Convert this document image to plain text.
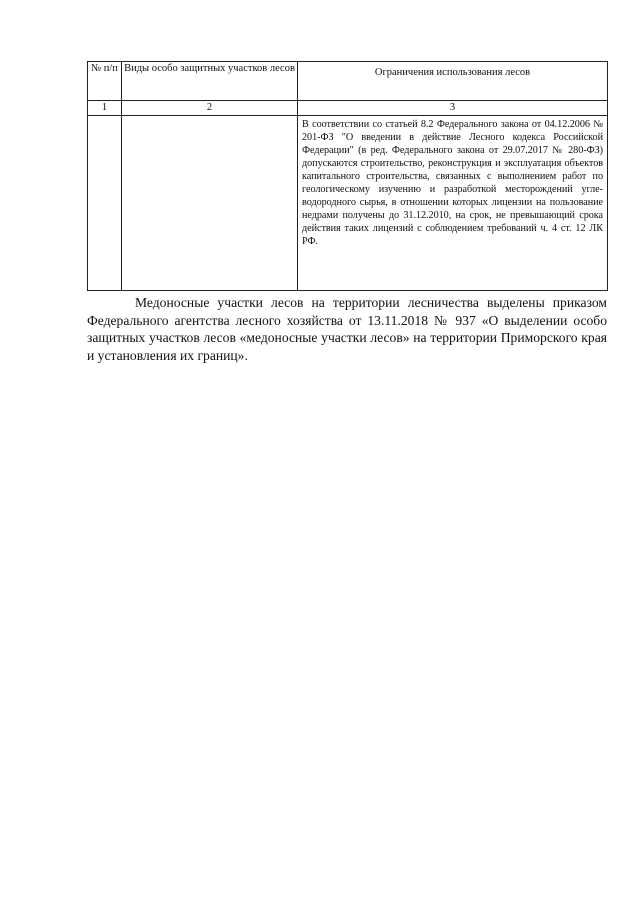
№ п/п	Виды особо защитных участков лесов	Ограничения использования лесов
1	2	3
		В соответствии со статьей 8.2 Федерального закона от 04.12.2006 № 201-ФЗ "О введении в действие Лесного кодекса Российской Федерации" (в ред. Федерального закона от 29.07.2017 № 280-ФЗ) допускаются строительство, реконструкция и эксплуатация объектов капитального строительства, связанных с выполнением работ по геологическому изучению и разработкой месторождений угле-водородного сырья, в отношении которых лицензии на пользование недрами получены до 31.12.2010, на срок, не превышающий срока действия таких лицензий с соблюдением требований ч. 4 ст. 12 ЛК РФ.

Медоносные участки лесов на территории лесничества выделены приказом Федерального агентства лесного хозяйства от 13.11.2018 № 937 «О выделении особо защитных участков лесов «медоносные участки лесов» на территории Приморского края и установления их границ».
